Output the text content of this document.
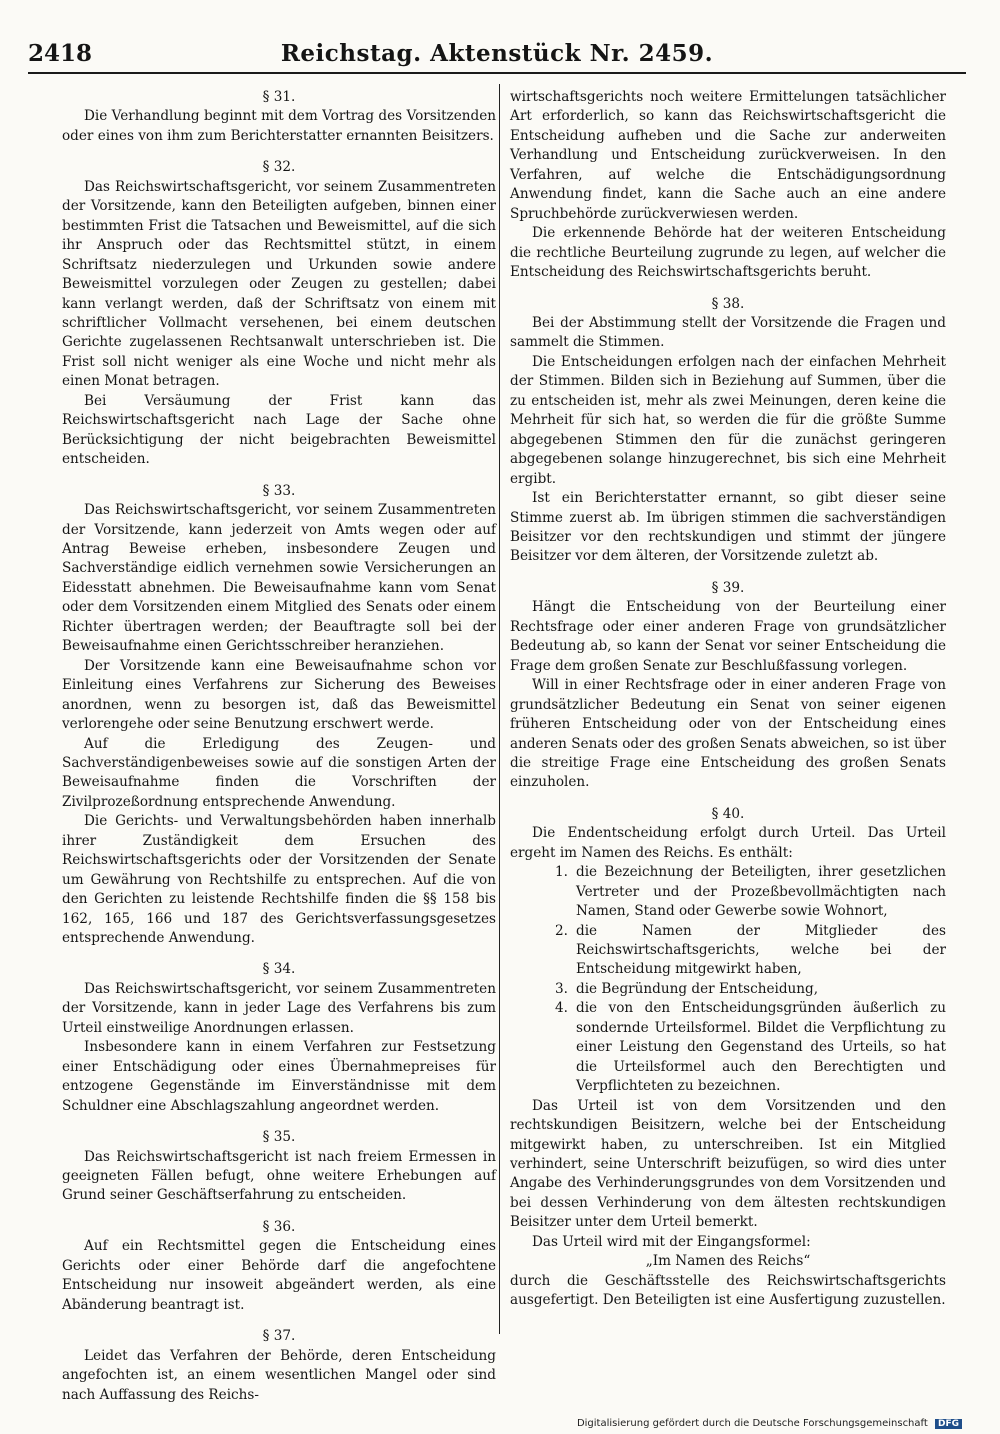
Reichstag. Aktenstück Nr. 2459.
2418
§ 31.

Die Verhandlung beginnt mit dem Vortrag des Vorsitzenden oder eines von ihm zum Berichterstatter ernannten Beisitzers.

§ 32.

Das Reichswirtschaftsgericht, vor seinem Zusammentreten der Vorsitzende, kann den Beteiligten aufgeben, binnen einer bestimmten Frist die Tatsachen und Beweismittel, auf die sich ihr Anspruch oder das Rechtsmittel stützt, in einem Schriftsatz niederzulegen und Urkunden sowie andere Beweismittel vorzulegen oder Zeugen zu gestellen; dabei kann verlangt werden, daß der Schriftsatz von einem mit schriftlicher Vollmacht versehenen, bei einem deutschen Gerichte zugelassenen Rechtsanwalt unterschrieben ist. Die Frist soll nicht weniger als eine Woche und nicht mehr als einen Monat betragen.

Bei Versäumung der Frist kann das Reichswirtschaftsgericht nach Lage der Sache ohne Berücksichtigung der nicht beigebrachten Beweismittel entscheiden.

§ 33.

Das Reichswirtschaftsgericht, vor seinem Zusammentreten der Vorsitzende, kann jederzeit von Amts wegen oder auf Antrag Beweise erheben, insbesondere Zeugen und Sachverständige eidlich vernehmen sowie Versicherungen an Eidesstatt abnehmen. Die Beweisaufnahme kann vom Senat oder dem Vorsitzenden einem Mitglied des Senats oder einem Richter übertragen werden; der Beauftragte soll bei der Beweisaufnahme einen Gerichtsschreiber heranziehen.

Der Vorsitzende kann eine Beweisaufnahme schon vor Einleitung eines Verfahrens zur Sicherung des Beweises anordnen, wenn zu besorgen ist, daß das Beweismittel verlorengehe oder seine Benutzung erschwert werde.

Auf die Erledigung des Zeugen- und Sachverständigenbeweises sowie auf die sonstigen Arten der Beweisaufnahme finden die Vorschriften der Zivilprozeßordnung entsprechende Anwendung.

Die Gerichts- und Verwaltungsbehörden haben innerhalb ihrer Zuständigkeit dem Ersuchen des Reichswirtschaftsgerichts oder der Vorsitzenden der Senate um Gewährung von Rechtshilfe zu entsprechen. Auf die von den Gerichten zu leistende Rechtshilfe finden die §§ 158 bis 162, 165, 166 und 187 des Gerichtsverfassungsgesetzes entsprechende Anwendung.

§ 34.

Das Reichswirtschaftsgericht, vor seinem Zusammentreten der Vorsitzende, kann in jeder Lage des Verfahrens bis zum Urteil einstweilige Anordnungen erlassen.

Insbesondere kann in einem Verfahren zur Festsetzung einer Entschädigung oder eines Übernahmepreises für entzogene Gegenstände im Einverständnisse mit dem Schuldner eine Abschlagszahlung angeordnet werden.

§ 35.

Das Reichswirtschaftsgericht ist nach freiem Ermessen in geeigneten Fällen befugt, ohne weitere Erhebungen auf Grund seiner Geschäftserfahrung zu entscheiden.

§ 36.

Auf ein Rechtsmittel gegen die Entscheidung eines Gerichts oder einer Behörde darf die angefochtene Entscheidung nur insoweit abgeändert werden, als eine Abänderung beantragt ist.

§ 37.

Leidet das Verfahren der Behörde, deren Entscheidung angefochten ist, an einem wesentlichen Mangel oder sind nach Auffassung des Reichs-

wirtschaftsgerichts noch weitere Ermittelungen tatsächlicher Art erforderlich, so kann das Reichswirtschaftsgericht die Entscheidung aufheben und die Sache zur anderweiten Verhandlung und Entscheidung zurückverweisen. In den Verfahren, auf welche die Entschädigungsordnung Anwendung findet, kann die Sache auch an eine andere Spruchbehörde zurückverwiesen werden.

Die erkennende Behörde hat der weiteren Entscheidung die rechtliche Beurteilung zugrunde zu legen, auf welcher die Entscheidung des Reichswirtschaftsgerichts beruht.

§ 38.

Bei der Abstimmung stellt der Vorsitzende die Fragen und sammelt die Stimmen.

Die Entscheidungen erfolgen nach der einfachen Mehrheit der Stimmen. Bilden sich in Beziehung auf Summen, über die zu entscheiden ist, mehr als zwei Meinungen, deren keine die Mehrheit für sich hat, so werden die für die größte Summe abgegebenen Stimmen den für die zunächst geringeren abgegebenen solange hinzugerechnet, bis sich eine Mehrheit ergibt.

Ist ein Berichterstatter ernannt, so gibt dieser seine Stimme zuerst ab. Im übrigen stimmen die sachverständigen Beisitzer vor den rechtskundigen und stimmt der jüngere Beisitzer vor dem älteren, der Vorsitzende zuletzt ab.

§ 39.

Hängt die Entscheidung von der Beurteilung einer Rechtsfrage oder einer anderen Frage von grundsätzlicher Bedeutung ab, so kann der Senat vor seiner Entscheidung die Frage dem großen Senate zur Beschlußfassung vorlegen.

Will in einer Rechtsfrage oder in einer anderen Frage von grundsätzlicher Bedeutung ein Senat von seiner eigenen früheren Entscheidung oder von der Entscheidung eines anderen Senats oder des großen Senats abweichen, so ist über die streitige Frage eine Entscheidung des großen Senats einzuholen.

§ 40.

Die Endentscheidung erfolgt durch Urteil. Das Urteil ergeht im Namen des Reichs. Es enthält:

1. die Bezeichnung der Beteiligten, ihrer gesetzlichen Vertreter und der Prozeßbevollmächtigten nach Namen, Stand oder Gewerbe sowie Wohnort,
2. die Namen der Mitglieder des Reichswirtschaftsgerichts, welche bei der Entscheidung mitgewirkt haben,
3. die Begründung der Entscheidung,
4. die von den Entscheidungsgründen äußerlich zu sondernde Urteilsformel. Bildet die Verpflichtung zu einer Leistung den Gegenstand des Urteils, so hat die Urteilsformel auch den Berechtigten und Verpflichteten zu bezeichnen.

Das Urteil ist von dem Vorsitzenden und den rechtskundigen Beisitzern, welche bei der Entscheidung mitgewirkt haben, zu unterschreiben. Ist ein Mitglied verhindert, seine Unterschrift beizufügen, so wird dies unter Angabe des Verhinderungsgrundes von dem Vorsitzenden und bei dessen Verhinderung von dem ältesten rechtskundigen Beisitzer unter dem Urteil bemerkt.

Das Urteil wird mit der Eingangsformel:

„Im Namen des Reichs“

durch die Geschäftsstelle des Reichswirtschaftsgerichts ausgefertigt. Den Beteiligten ist eine Ausfertigung zuzustellen.

Digitalisierung gefördert durch die Deutsche Forschungsgemeinschaft DFG
